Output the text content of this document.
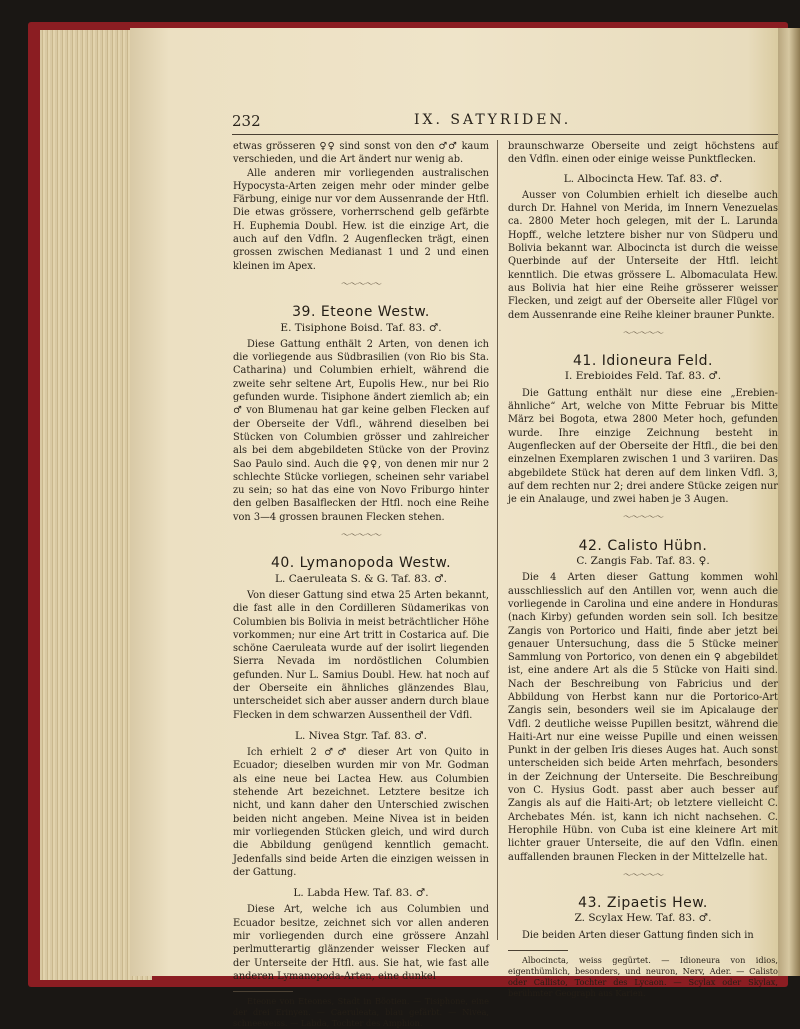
232	IX. SATYRIDEN.

etwas grösseren ♀♀ sind sonst von den ♂♂ kaum verschieden, und die Art ändert nur wenig ab.

Alle anderen mir vorliegenden australischen Hypocysta-Arten zeigen mehr oder minder gelbe Färbung, einige nur vor dem Aussenrande der Htfl. Die etwas grössere, vorherrschend gelb gefärbte H. Euphemia Doubl. Hew. ist die einzige Art, die auch auf den Vdfln. 2 Augenflecken trägt, einen grossen zwischen Medianast 1 und 2 und einen kleinen im Apex.

〜〜〜〜〜
39. Eteone Westw.
E. Tisiphone Boisd. Taf. 83. ♂.

Diese Gattung enthält 2 Arten, von denen ich die vorliegende aus Südbrasilien (von Rio bis Sta. Catharina) und Columbien erhielt, während die zweite sehr seltene Art, Eupolis Hew., nur bei Rio gefunden wurde. Tisiphone ändert ziemlich ab; ein ♂ von Blumenau hat gar keine gelben Flecken auf der Oberseite der Vdfl., während dieselben bei Stücken von Columbien grösser und zahlreicher als bei dem abgebildeten Stücke von der Provinz Sao Paulo sind. Auch die ♀♀, von denen mir nur 2 schlechte Stücke vorliegen, scheinen sehr variabel zu sein; so hat das eine von Novo Friburgo hinter den gelben Basalflecken der Htfl. noch eine Reihe von 3—4 grossen braunen Flecken stehen.

〜〜〜〜〜
40. Lymanopoda Westw.
L. Caeruleata S. & G. Taf. 83. ♂.

Von dieser Gattung sind etwa 25 Arten bekannt, die fast alle in den Cordilleren Südamerikas von Columbien bis Bolivia in meist beträchtlicher Höhe vorkommen; nur eine Art tritt in Costarica auf. Die schöne Caeruleata wurde auf der isolirt liegenden Sierra Nevada im nordöstlichen Columbien gefunden. Nur L. Samius Doubl. Hew. hat noch auf der Oberseite ein ähnliches glänzendes Blau, unterscheidet sich aber ausser andern durch blaue Flecken in dem schwarzen Aussentheil der Vdfl.

L. Nivea Stgr. Taf. 83. ♂.

Ich erhielt 2 ♂♂ dieser Art von Quito in Ecuador; dieselben wurden mir von Mr. Godman als eine neue bei Lactea Hew. aus Columbien stehende Art bezeichnet. Letztere besitze ich nicht, und kann daher den Unterschied zwischen beiden nicht angeben. Meine Nivea ist in beiden mir vorliegenden Stücken gleich, und wird durch die Abbildung genügend kenntlich gemacht. Jedenfalls sind beide Arten die einzigen weissen in der Gattung.

L. Labda Hew. Taf. 83. ♂.

Diese Art, welche ich aus Columbien und Ecuador besitze, zeichnet sich vor allen anderen mir vorliegenden durch eine grössere Anzahl perlmutterartig glänzender weisser Flecken auf der Unterseite der Htfl. aus. Sie hat, wie fast alle anderen Lymanopoda-Arten, eine dunkel

Eteone von Eteones, Stadt in Böotien. — Tisiphone, eine der drei Erinyen. — Caeruleata, blau gefärbt. — Nivea, schneeweiss. — Labda, Tochter des Amphion.

braunschwarze Oberseite und zeigt höchstens auf den Vdfln. einen oder einige weisse Punktflecken.

L. Albocincta Hew. Taf. 83. ♂.

Ausser von Columbien erhielt ich dieselbe auch durch Dr. Hahnel von Merida, im Innern Venezuelas ca. 2800 Meter hoch gelegen, mit der L. Larunda Hopff., welche letztere bisher nur von Südperu und Bolivia bekannt war. Albocincta ist durch die weisse Querbinde auf der Unterseite der Htfl. leicht kenntlich. Die etwas grössere L. Albomaculata Hew. aus Bolivia hat hier eine Reihe grösserer weisser Flecken, und zeigt auf der Oberseite aller Flügel vor dem Aussenrande eine Reihe kleiner brauner Punkte.

〜〜〜〜〜
41. Idioneura Feld.
I. Erebioides Feld. Taf. 83. ♂.

Die Gattung enthält nur diese eine „Erebien-ähnliche“ Art, welche von Mitte Februar bis Mitte März bei Bogota, etwa 2800 Meter hoch, gefunden wurde. Ihre einzige Zeichnung besteht in Augenflecken auf der Oberseite der Htfl., die bei den einzelnen Exemplaren zwischen 1 und 3 variiren. Das abgebildete Stück hat deren auf dem linken Vdfl. 3, auf dem rechten nur 2; drei andere Stücke zeigen nur je ein Analauge, und zwei haben je 3 Augen.

〜〜〜〜〜
42. Calisto Hübn.
C. Zangis Fab. Taf. 83. ♀.

Die 4 Arten dieser Gattung kommen wohl ausschliesslich auf den Antillen vor, wenn auch die vorliegende in Carolina und eine andere in Honduras (nach Kirby) gefunden worden sein soll. Ich besitze Zangis von Portorico und Haiti, finde aber jetzt bei genauer Untersuchung, dass die 5 Stücke meiner Sammlung von Portorico, von denen ein ♀ abgebildet ist, eine andere Art als die 5 Stücke von Haiti sind. Nach der Beschreibung von Fabricius und der Abbildung von Herbst kann nur die Portorico-Art Zangis sein, besonders weil sie im Apicalauge der Vdfl. 2 deutliche weisse Pupillen besitzt, während die Haiti-Art nur eine weisse Pupille und einen weissen Punkt in der gelben Iris dieses Auges hat. Auch sonst unterscheiden sich beide Arten mehrfach, besonders in der Zeichnung der Unterseite. Die Beschreibung von C. Hysius Godt. passt aber auch besser auf Zangis als auf die Haiti-Art; ob letztere vielleicht C. Archebates Mén. ist, kann ich nicht nachsehen. C. Herophile Hübn. von Cuba ist eine kleinere Art mit lichter grauer Unterseite, die auf den Vdfln. einen auffallenden braunen Flecken in der Mittelzelle hat.

〜〜〜〜〜
43. Zipaetis Hew.
Z. Scylax Hew. Taf. 83. ♂.

Die beiden Arten dieser Gattung finden sich in

Albocincta, weiss gegürtet. — Idioneura von idios, eigenthümlich, besonders, und neuron, Nerv, Ader. — Calisto oder Callisto, Tochter des Lycaon. — Scylax oder Skylax, berühmter Geograph aus Karien.
